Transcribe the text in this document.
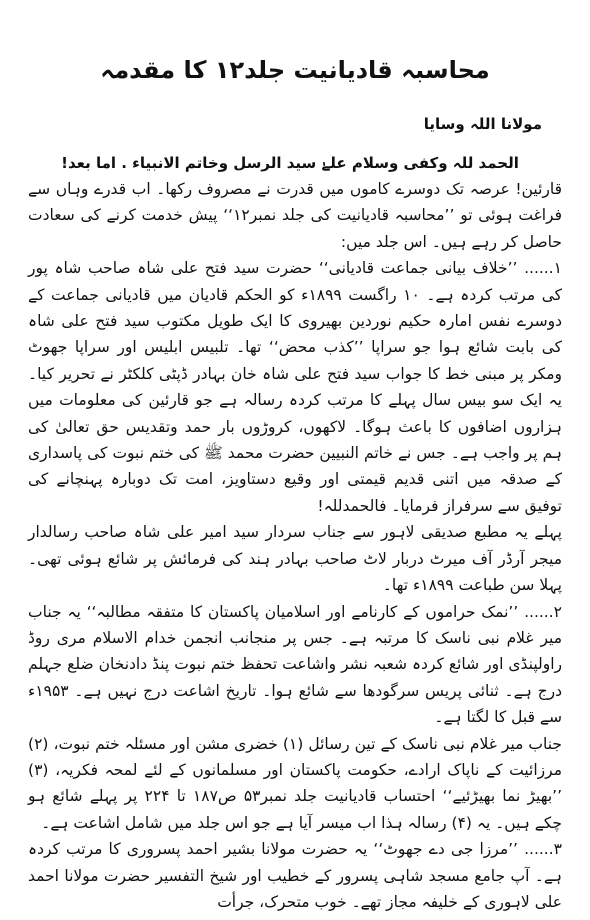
محاسبہ قادیانیت جلد۱۲ کا مقدمہ
مولانا اللہ وسایا
الحمد للہ وکفی وسلام علےٰ سید الرسل وخاتم الانبیاء . اما بعد!

قارئین! عرصہ تک دوسرے کاموں میں قدرت نے مصروف رکھا۔ اب قدرے وہاں سے فراغت ہوئی تو ’’محاسبہ قادیانیت کی جلد نمبر۱۲‘‘ پیش خدمت کرنے کی سعادت حاصل کر رہے ہیں۔ اس جلد میں:

۱...... ’’خلاف بیانی جماعت قادیانی‘‘ حضرت سید فتح علی شاہ صاحب شاہ پور کی مرتب کردہ ہے۔ ۱۰ راگست ۱۸۹۹ء کو الحکم قادیان میں قادیانی جماعت کے دوسرے نفس امارہ حکیم نوردین بھیروی کا ایک طویل مکتوب سید فتح علی شاہ کی بابت شائع ہوا جو سراپا ’’کذب محض‘‘ تھا۔ تلبیس ابلیس اور سراپا جھوٹ ومکر پر مبنی خط کا جواب سید فتح علی شاہ خان بہادر ڈپٹی کلکٹر نے تحریر کیا۔ یہ ایک سو بیس سال پہلے کا مرتب کردہ رسالہ ہے جو قارئین کی معلومات میں ہزاروں اضافوں کا باعث ہوگا۔ لاکھوں، کروڑوں بار حمد وتقدیس حق تعالیٰ کی ہم پر واجب ہے۔ جس نے خاتم النبیین حضرت محمد ﷺ کی ختم نبوت کی پاسداری کے صدقہ میں اتنی قدیم قیمتی اور وقیع دستاویز، امت تک دوبارہ پہنچانے کی توفیق سے سرفراز فرمایا۔ فالحمدللہ!

پہلے یہ مطبع صدیقی لاہور سے جناب سردار سید امیر علی شاہ صاحب رسالدار میجر آرڈر آف میرٹ دربار لاٹ صاحب بہادر ہند کی فرمائش پر شائع ہوئی تھی۔ پہلا سن طباعت ۱۸۹۹ء تھا۔

۲...... ’’نمک حراموں کے کارنامے اور اسلامیان پاکستان کا متفقہ مطالبہ‘‘ یہ جناب میر غلام نبی ناسک کا مرتبہ ہے۔ جس پر منجانب انجمن خدام الاسلام مری روڈ راولپنڈی اور شائع کردہ شعبہ نشر واشاعت تحفظ ختم نبوت پنڈ دادنخان ضلع جہلم درج ہے۔ ثنائی پریس سرگودھا سے شائع ہوا۔ تاریخ اشاعت درج نہیں ہے۔ ۱۹۵۳ء سے قبل کا لگتا ہے۔

جناب میر غلام نبی ناسک کے تین رسائل (۱) خضری مشن اور مسئلہ ختم نبوت، (۲) مرزائیت کے ناپاک ارادے، حکومت پاکستان اور مسلمانوں کے لئے لمحہ فکریہ، (۳) ’’بھیڑ نما بھیڑئیے‘‘ احتساب قادیانیت جلد نمبر۵۳ ص۱۸۷ تا ۲۲۴ پر پہلے شائع ہو چکے ہیں۔ یہ (۴) رسالہ ہذا اب میسر آیا ہے جو اس جلد میں شامل اشاعت ہے۔

۳...... ’’مرزا جی دے جھوٹ‘‘ یہ حضرت مولانا بشیر احمد پسروری کا مرتب کردہ ہے۔ آپ جامع مسجد شاہی پسرور کے خطیب اور شیخ التفسیر حضرت مولانا احمد علی لاہوری کے خلیفہ مجاز تھے۔ خوب متحرک، جرأت
